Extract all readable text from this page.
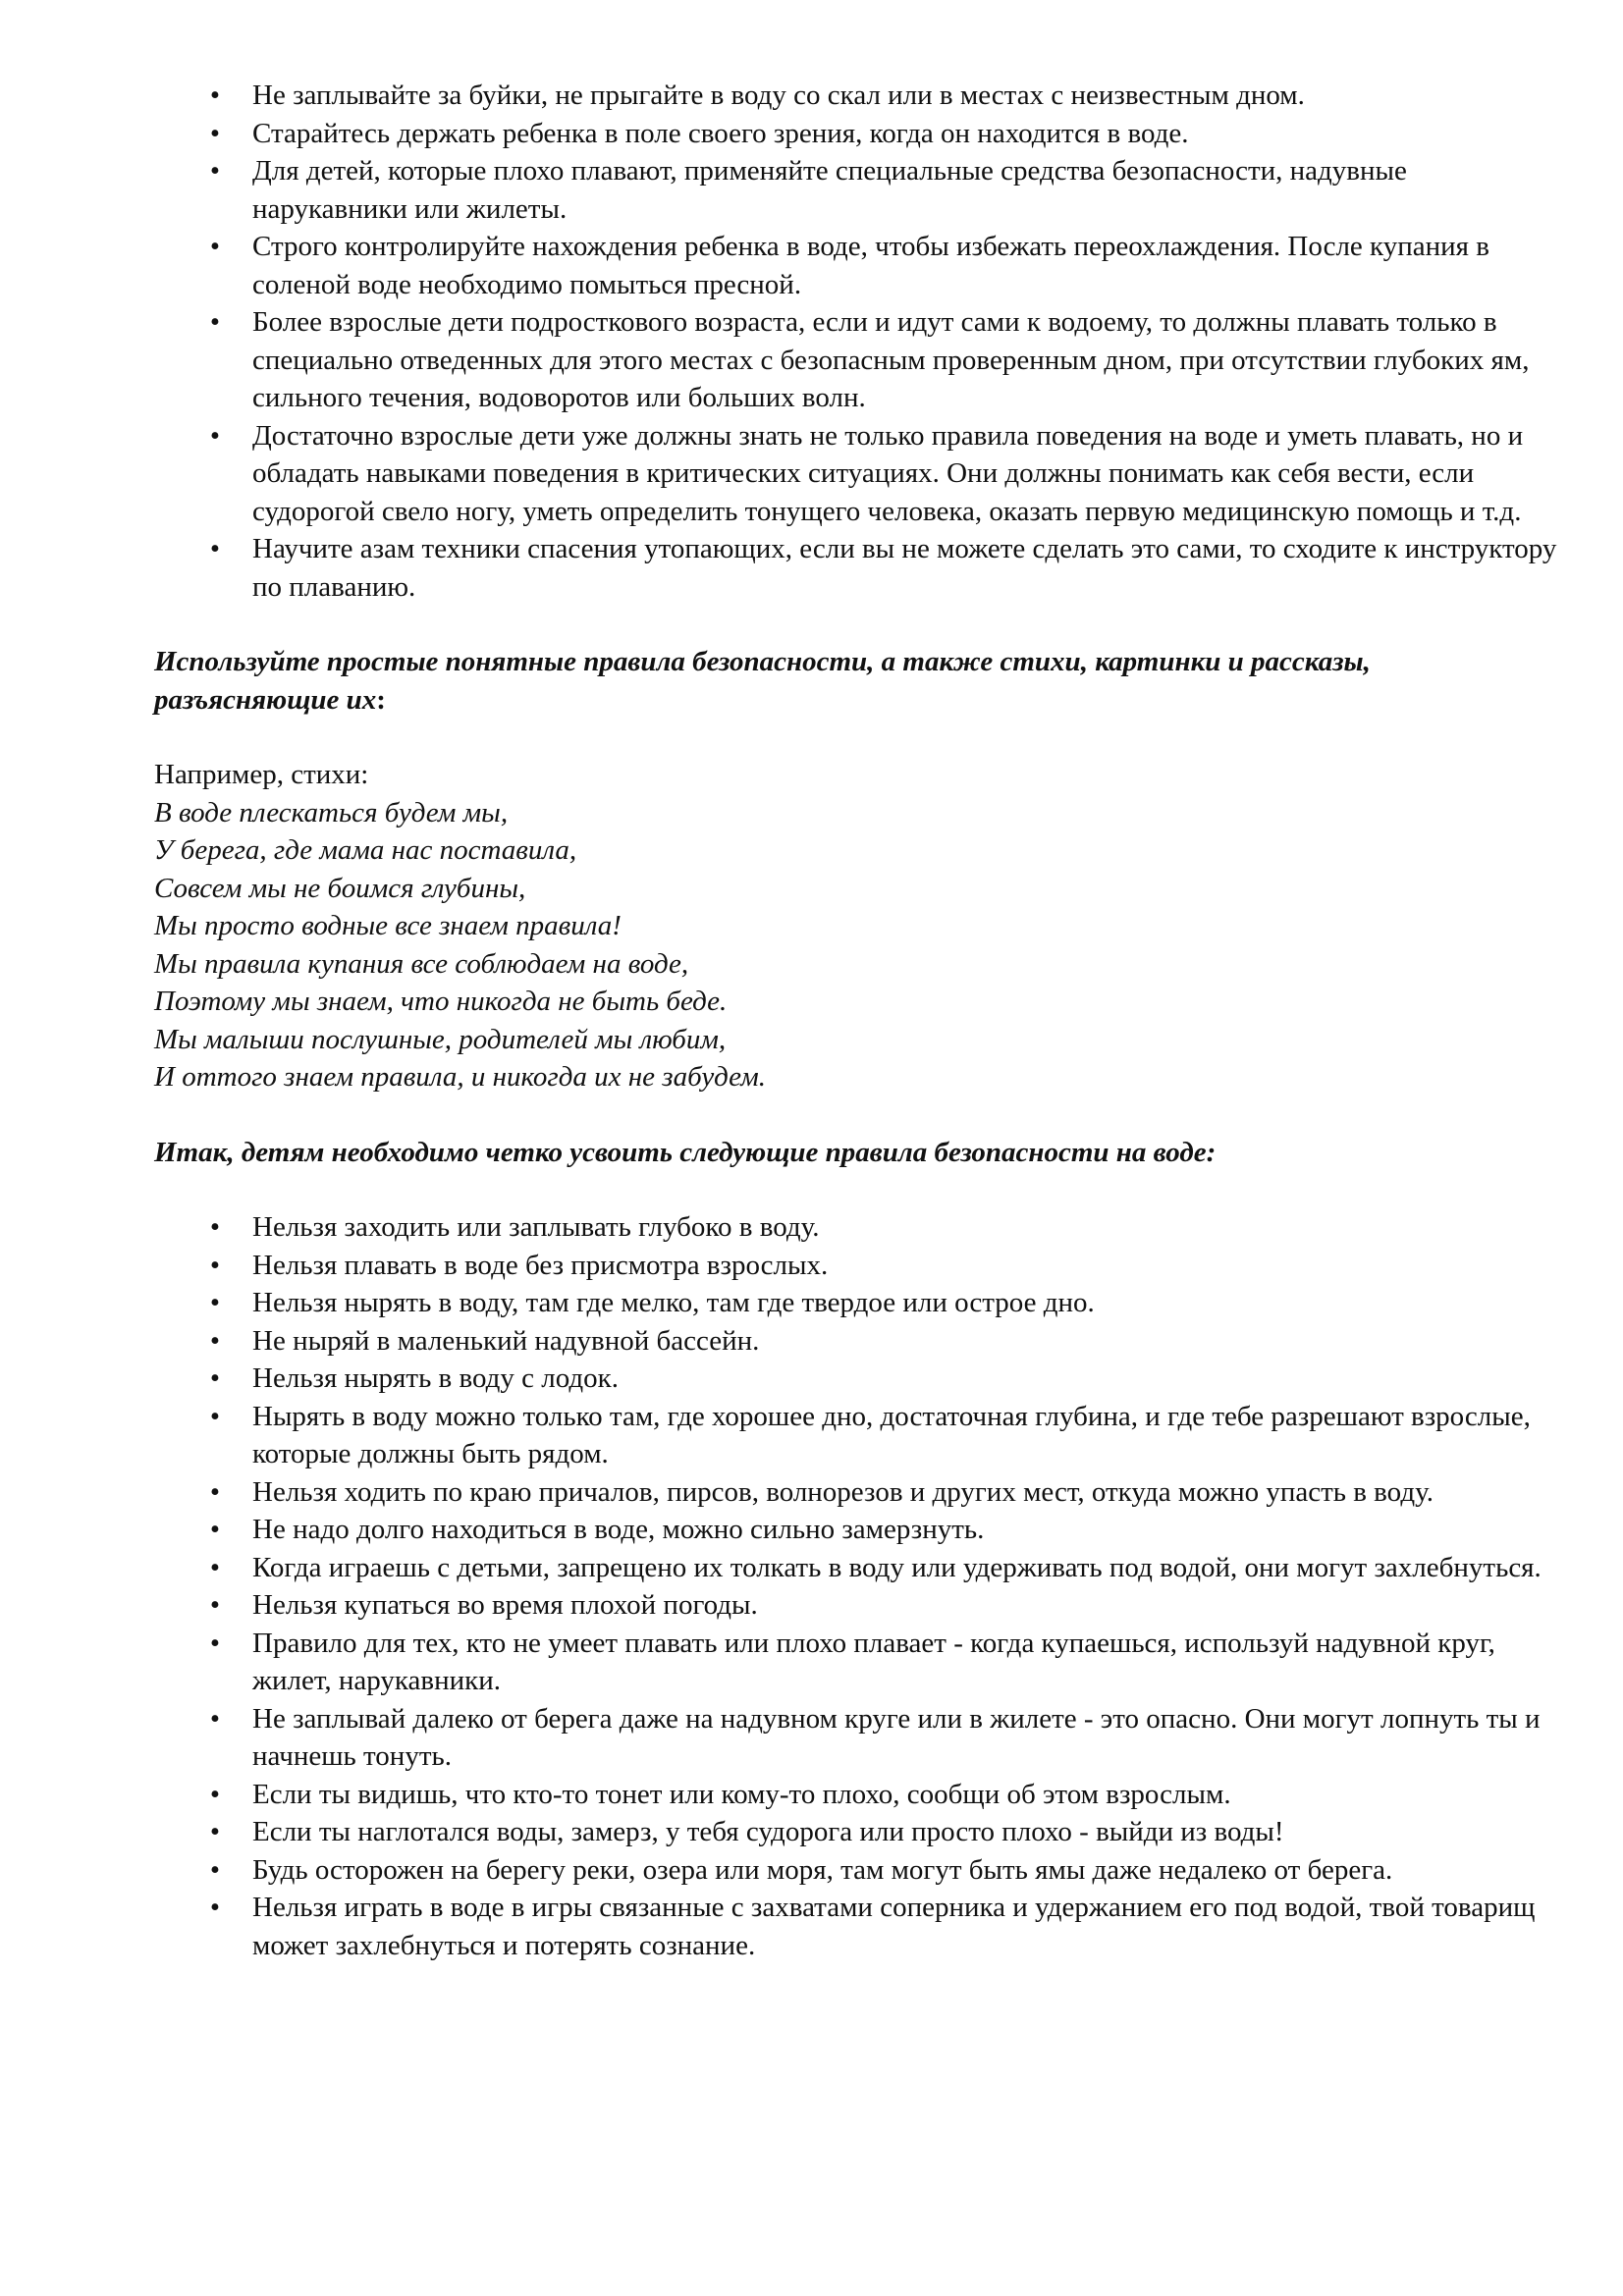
• Не заплывайте за буйки, не прыгайте в воду со скал или в местах с неизвестным дном.
• Старайтесь держать ребенка в поле своего зрения, когда он находится в воде.
• Для детей, которые плохо плавают, применяйте специальные средства безопасности, надувные нарукавники или жилеты.
• Строго контролируйте нахождения ребенка в воде, чтобы избежать переохлаждения. После купания в соленой воде необходимо помыться пресной.
• Более взрослые дети подросткового возраста, если и идут сами к водоему, то должны плавать только в специально отведенных для этого местах с безопасным проверенным дном, при отсутствии глубоких ям, сильного течения, водоворотов или больших волн.
• Достаточно взрослые дети уже должны знать не только правила поведения на воде и уметь плавать, но и обладать навыками поведения в критических ситуациях. Они должны понимать как себя вести, если судорогой свело ногу, уметь определить тонущего человека, оказать первую медицинскую помощь и т.д.
• Научите азам техники спасения утопающих, если вы не можете сделать это сами, то сходите к инструктору по плаванию.

Используйте простые понятные правила безопасности, а также стихи, картинки и рассказы, разъясняющие их:

Например, стихи:

В воде плескаться будем мы,

У берега, где мама нас поставила,

Совсем мы не боимся глубины,

Мы просто водные все знаем правила!

Мы правила купания все соблюдаем на воде,

Поэтому мы знаем, что никогда не быть беде.

Мы малыши послушные, родителей мы любим,

И оттого знаем правила, и никогда их не забудем.

Итак, детям необходимо четко усвоить следующие правила безопасности на воде:

• Нельзя заходить или заплывать глубоко в воду.
• Нельзя плавать в воде без присмотра взрослых.
• Нельзя нырять в воду, там где мелко, там где твердое или острое дно.
• Не ныряй в маленький надувной бассейн.
• Нельзя нырять в воду с лодок.
• Нырять в воду можно только там, где хорошее дно, достаточная глубина, и где тебе разрешают взрослые, которые должны быть рядом.
• Нельзя ходить по краю причалов, пирсов, волнорезов и других мест, откуда можно упасть в воду.
• Не надо долго находиться в воде, можно сильно замерзнуть.
• Когда играешь с детьми, запрещено их толкать в воду или удерживать под водой, они могут захлебнуться.
• Нельзя купаться во время плохой погоды.
• Правило для тех, кто не умеет плавать или плохо плавает - когда купаешься, используй надувной круг, жилет, нарукавники.
• Не заплывай далеко от берега даже на надувном круге или в жилете - это опасно. Они могут лопнуть ты и начнешь тонуть.
• Если ты видишь, что кто-то тонет или кому-то плохо, сообщи об этом взрослым.
• Если ты наглотался воды, замерз, у тебя судорога или просто плохо - выйди из воды!
• Будь осторожен на берегу реки, озера или моря, там могут быть ямы даже недалеко от берега.
• Нельзя играть в воде в игры связанные с захватами соперника и удержанием его под водой, твой товарищ может захлебнуться и потерять сознание.
